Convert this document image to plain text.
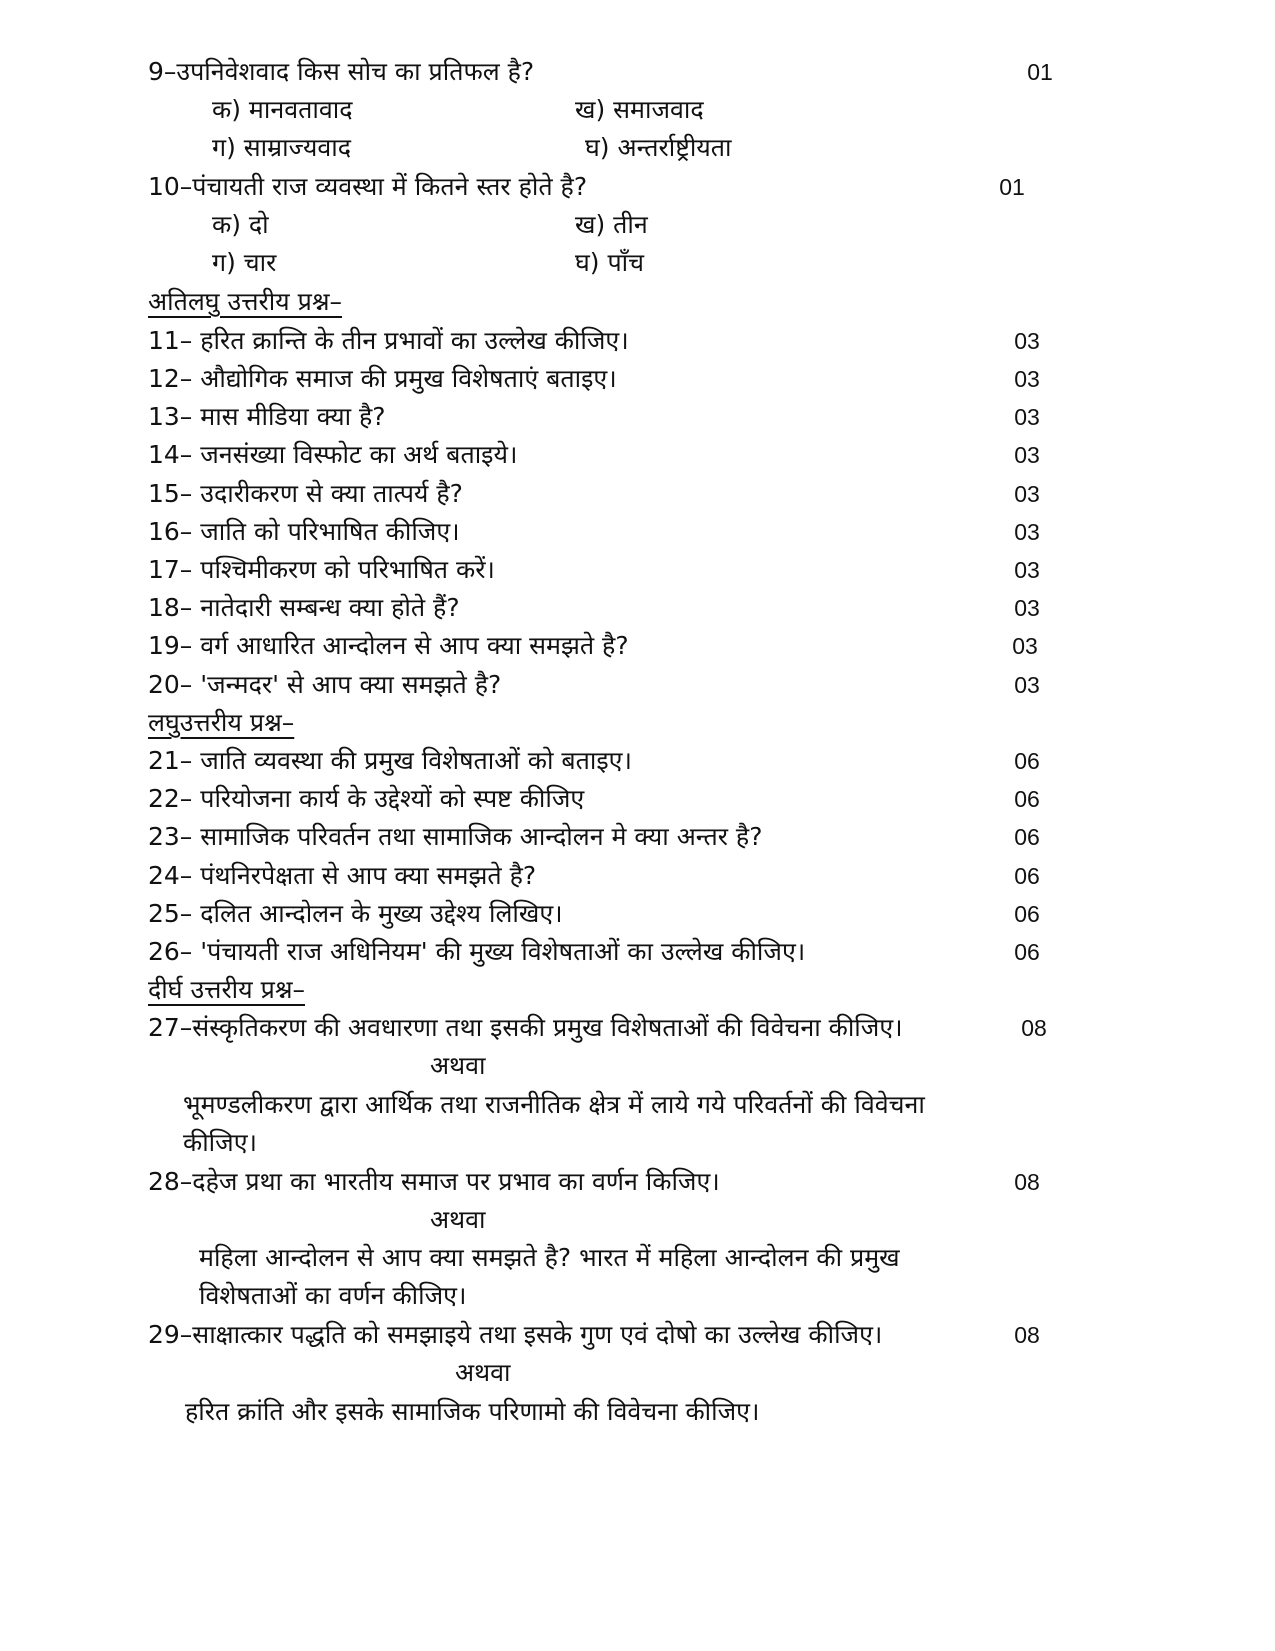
9–उपनिवेशवाद किस सोच का प्रतिफल है?	01
क) मानवतावाद	ख) समाजवाद
ग) साम्राज्यवाद	घ) अन्तर्राष्ट्रीयता
10–पंचायती राज व्यवस्था में कितने स्तर होते है?	01
क) दो	ख) तीन
ग) चार	घ) पाँच
अतिलघु उत्तरीय प्रश्न–
11– हरित क्रान्ति के तीन प्रभावों का उल्लेख कीजिए।	03
12– औद्योगिक समाज की प्रमुख विशेषताएं बताइए।	03
13– मास मीडिया क्या है?	03
14– जनसंख्या विस्फोट का अर्थ बताइये।	03
15– उदारीकरण से क्या तात्पर्य है?	03
16– जाति को परिभाषित कीजिए।	03
17– पश्चिमीकरण को परिभाषित करें।	03
18– नातेदारी सम्बन्ध क्या होते हैं?	03
19– वर्ग आधारित आन्दोलन से आप क्या समझते है?	03
20– 'जन्मदर' से आप क्या समझते है?	03
लघुउत्तरीय प्रश्न–
21– जाति व्यवस्था की प्रमुख विशेषताओं को बताइए।	06
22– परियोजना कार्य के उद्देश्यों को स्पष्ट कीजिए	06
23– सामाजिक परिवर्तन तथा सामाजिक आन्दोलन मे क्या अन्तर है?	06
24– पंथनिरपेक्षता से आप क्या समझते है?	06
25– दलित आन्दोलन के मुख्य उद्देश्य लिखिए।	06
26– 'पंचायती राज अधिनियम' की मुख्य विशेषताओं का उल्लेख कीजिए।	06
दीर्घ उत्तरीय प्रश्न–
27–संस्कृतिकरण की अवधारणा तथा इसकी प्रमुख विशेषताओं की विवेचना कीजिए।	08
अथवा
भूमण्डलीकरण द्वारा आर्थिक तथा राजनीतिक क्षेत्र में लाये गये परिवर्तनों की विवेचना
कीजिए।
28–दहेज प्रथा का भारतीय समाज पर प्रभाव का वर्णन किजिए।	08
अथवा
महिला आन्दोलन से आप क्या समझते है? भारत में महिला आन्दोलन की प्रमुख
विशेषताओं का वर्णन कीजिए।
29–साक्षात्कार पद्धति को समझाइये तथा इसके गुण एवं दोषो का उल्लेख कीजिए।	08
अथवा
हरित क्रांति और इसके सामाजिक परिणामो की विवेचना कीजिए।
